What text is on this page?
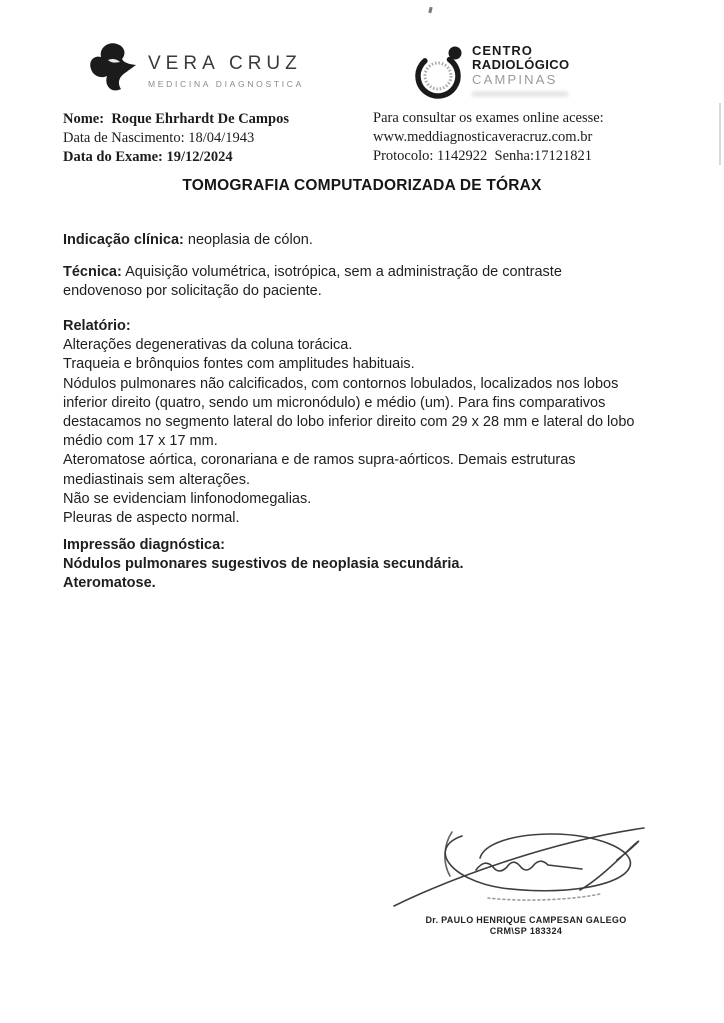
VERA CRUZ
MEDICINA DIAGNOSTICA
CENTRO
RADIOLÓGICO
CAMPINAS
Nome: Roque Ehrhardt De Campos
Data de Nascimento: 18/04/1943
Data do Exame: 19/12/2024
Para consultar os exames online acesse:
www.meddiagnosticaveracruz.com.br
Protocolo: 1142922 Senha:17121821
TOMOGRAFIA COMPUTADORIZADA DE TÓRAX
Indicação clínica: neoplasia de cólon.
Técnica: Aquisição volumétrica, isotrópica, sem a administração de contraste
endovenoso por solicitação do paciente.
Relatório:
Alterações degenerativas da coluna torácica.
Traqueia e brônquios fontes com amplitudes habituais.
Nódulos pulmonares não calcificados, com contornos lobulados, localizados nos lobos
inferior direito (quatro, sendo um micronódulo) e médio (um). Para fins comparativos
destacamos no segmento lateral do lobo inferior direito com 29 x 28 mm e lateral do lobo
médio com 17 x 17 mm.
Ateromatose aórtica, coronariana e de ramos supra-aórticos. Demais estruturas
mediastinais sem alterações.
Não se evidenciam linfonodomegalias.
Pleuras de aspecto normal.
Impressão diagnóstica:
Nódulos pulmonares sugestivos de neoplasia secundária.
Ateromatose.
Dr. PAULO HENRIQUE CAMPESAN GALEGO
CRM\SP 183324
